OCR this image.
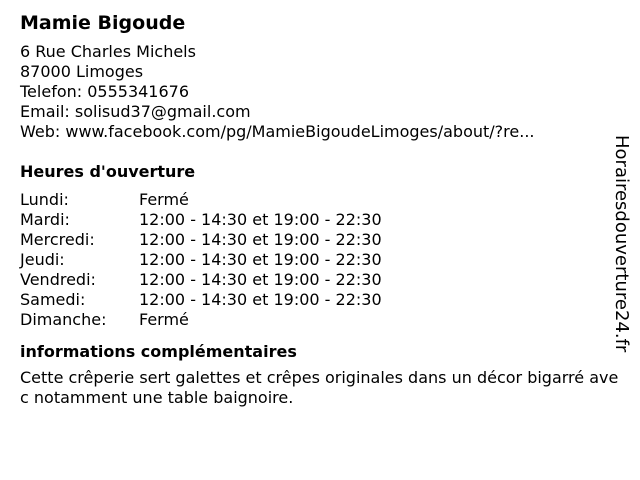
Mamie Bigoude
6 Rue Charles Michels
87000 Limoges
Telefon: 0555341676
Email: solisud37@gmail.com
Web: www.facebook.com/pg/MamieBigoudeLimoges/about/?re...
Heures d'ouverture
Lundi:	Fermé
Mardi:	12:00 - 14:30 et 19:00 - 22:30
Mercredi:	12:00 - 14:30 et 19:00 - 22:30
Jeudi:	12:00 - 14:30 et 19:00 - 22:30
Vendredi:	12:00 - 14:30 et 19:00 - 22:30
Samedi:	12:00 - 14:30 et 19:00 - 22:30
Dimanche:	Fermé
informations complémentaires
Cette crêperie sert galettes et crêpes originales dans un décor bigarré avec notamment une table baignoire.
Horairesdouverture24.fr
